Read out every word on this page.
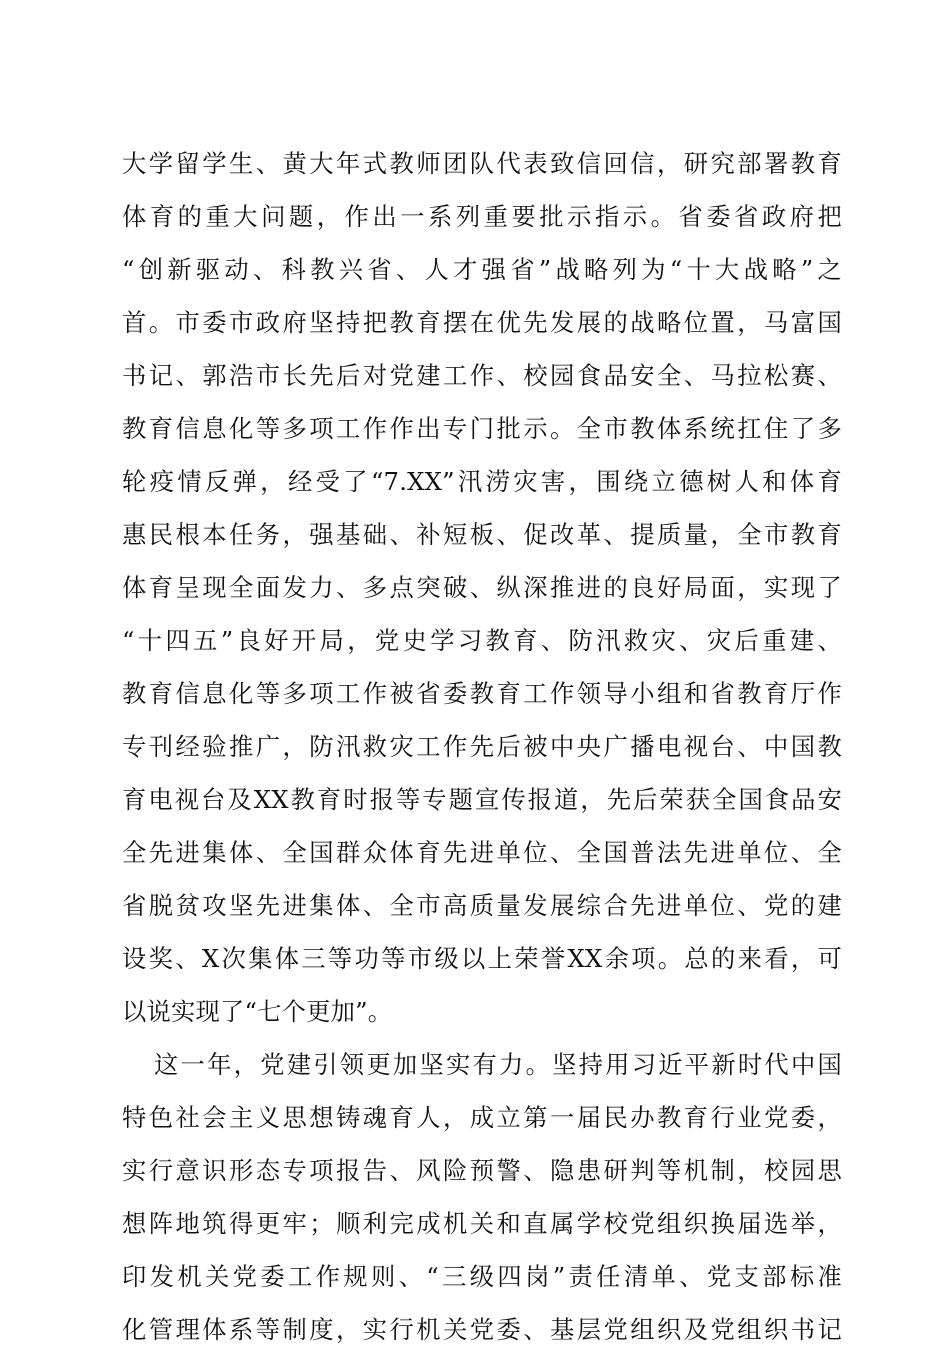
大学留学生、黄大年式教师团队代表致信回信，研究部署教育
体育的重大问题，作出一系列重要批示指示。省委省政府把
“创新驱动、科教兴省、人才强省”战略列为“十大战略”之
首。市委市政府坚持把教育摆在优先发展的战略位置，马富国
书记、郭浩市长先后对党建工作、校园食品安全、马拉松赛、
教育信息化等多项工作作出专门批示。全市教体系统扛住了多
轮疫情反弹，经受了“7.XX”汛涝灾害，围绕立德树人和体育
惠民根本任务，强基础、补短板、促改革、提质量，全市教育
体育呈现全面发力、多点突破、纵深推进的良好局面，实现了
“十四五”良好开局，党史学习教育、防汛救灾、灾后重建、
教育信息化等多项工作被省委教育工作领导小组和省教育厅作
专刊经验推广，防汛救灾工作先后被中央广播电视台、中国教
育电视台及XX教育时报等专题宣传报道，先后荣获全国食品安
全先进集体、全国群众体育先进单位、全国普法先进单位、全
省脱贫攻坚先进集体、全市高质量发展综合先进单位、党的建
设奖、X次集体三等功等市级以上荣誉XX余项。总的来看，可
以说实现了“七个更加”。
这一年，党建引领更加坚实有力。坚持用习近平新时代中国
特色社会主义思想铸魂育人，成立第一届民办教育行业党委，
实行意识形态专项报告、风险预警、隐患研判等机制，校园思
想阵地筑得更牢；顺利完成机关和直属学校党组织换届选举，
印发机关党委工作规则、“三级四岗”责任清单、党支部标准
化管理体系等制度，实行机关党委、基层党组织及党组织书记
